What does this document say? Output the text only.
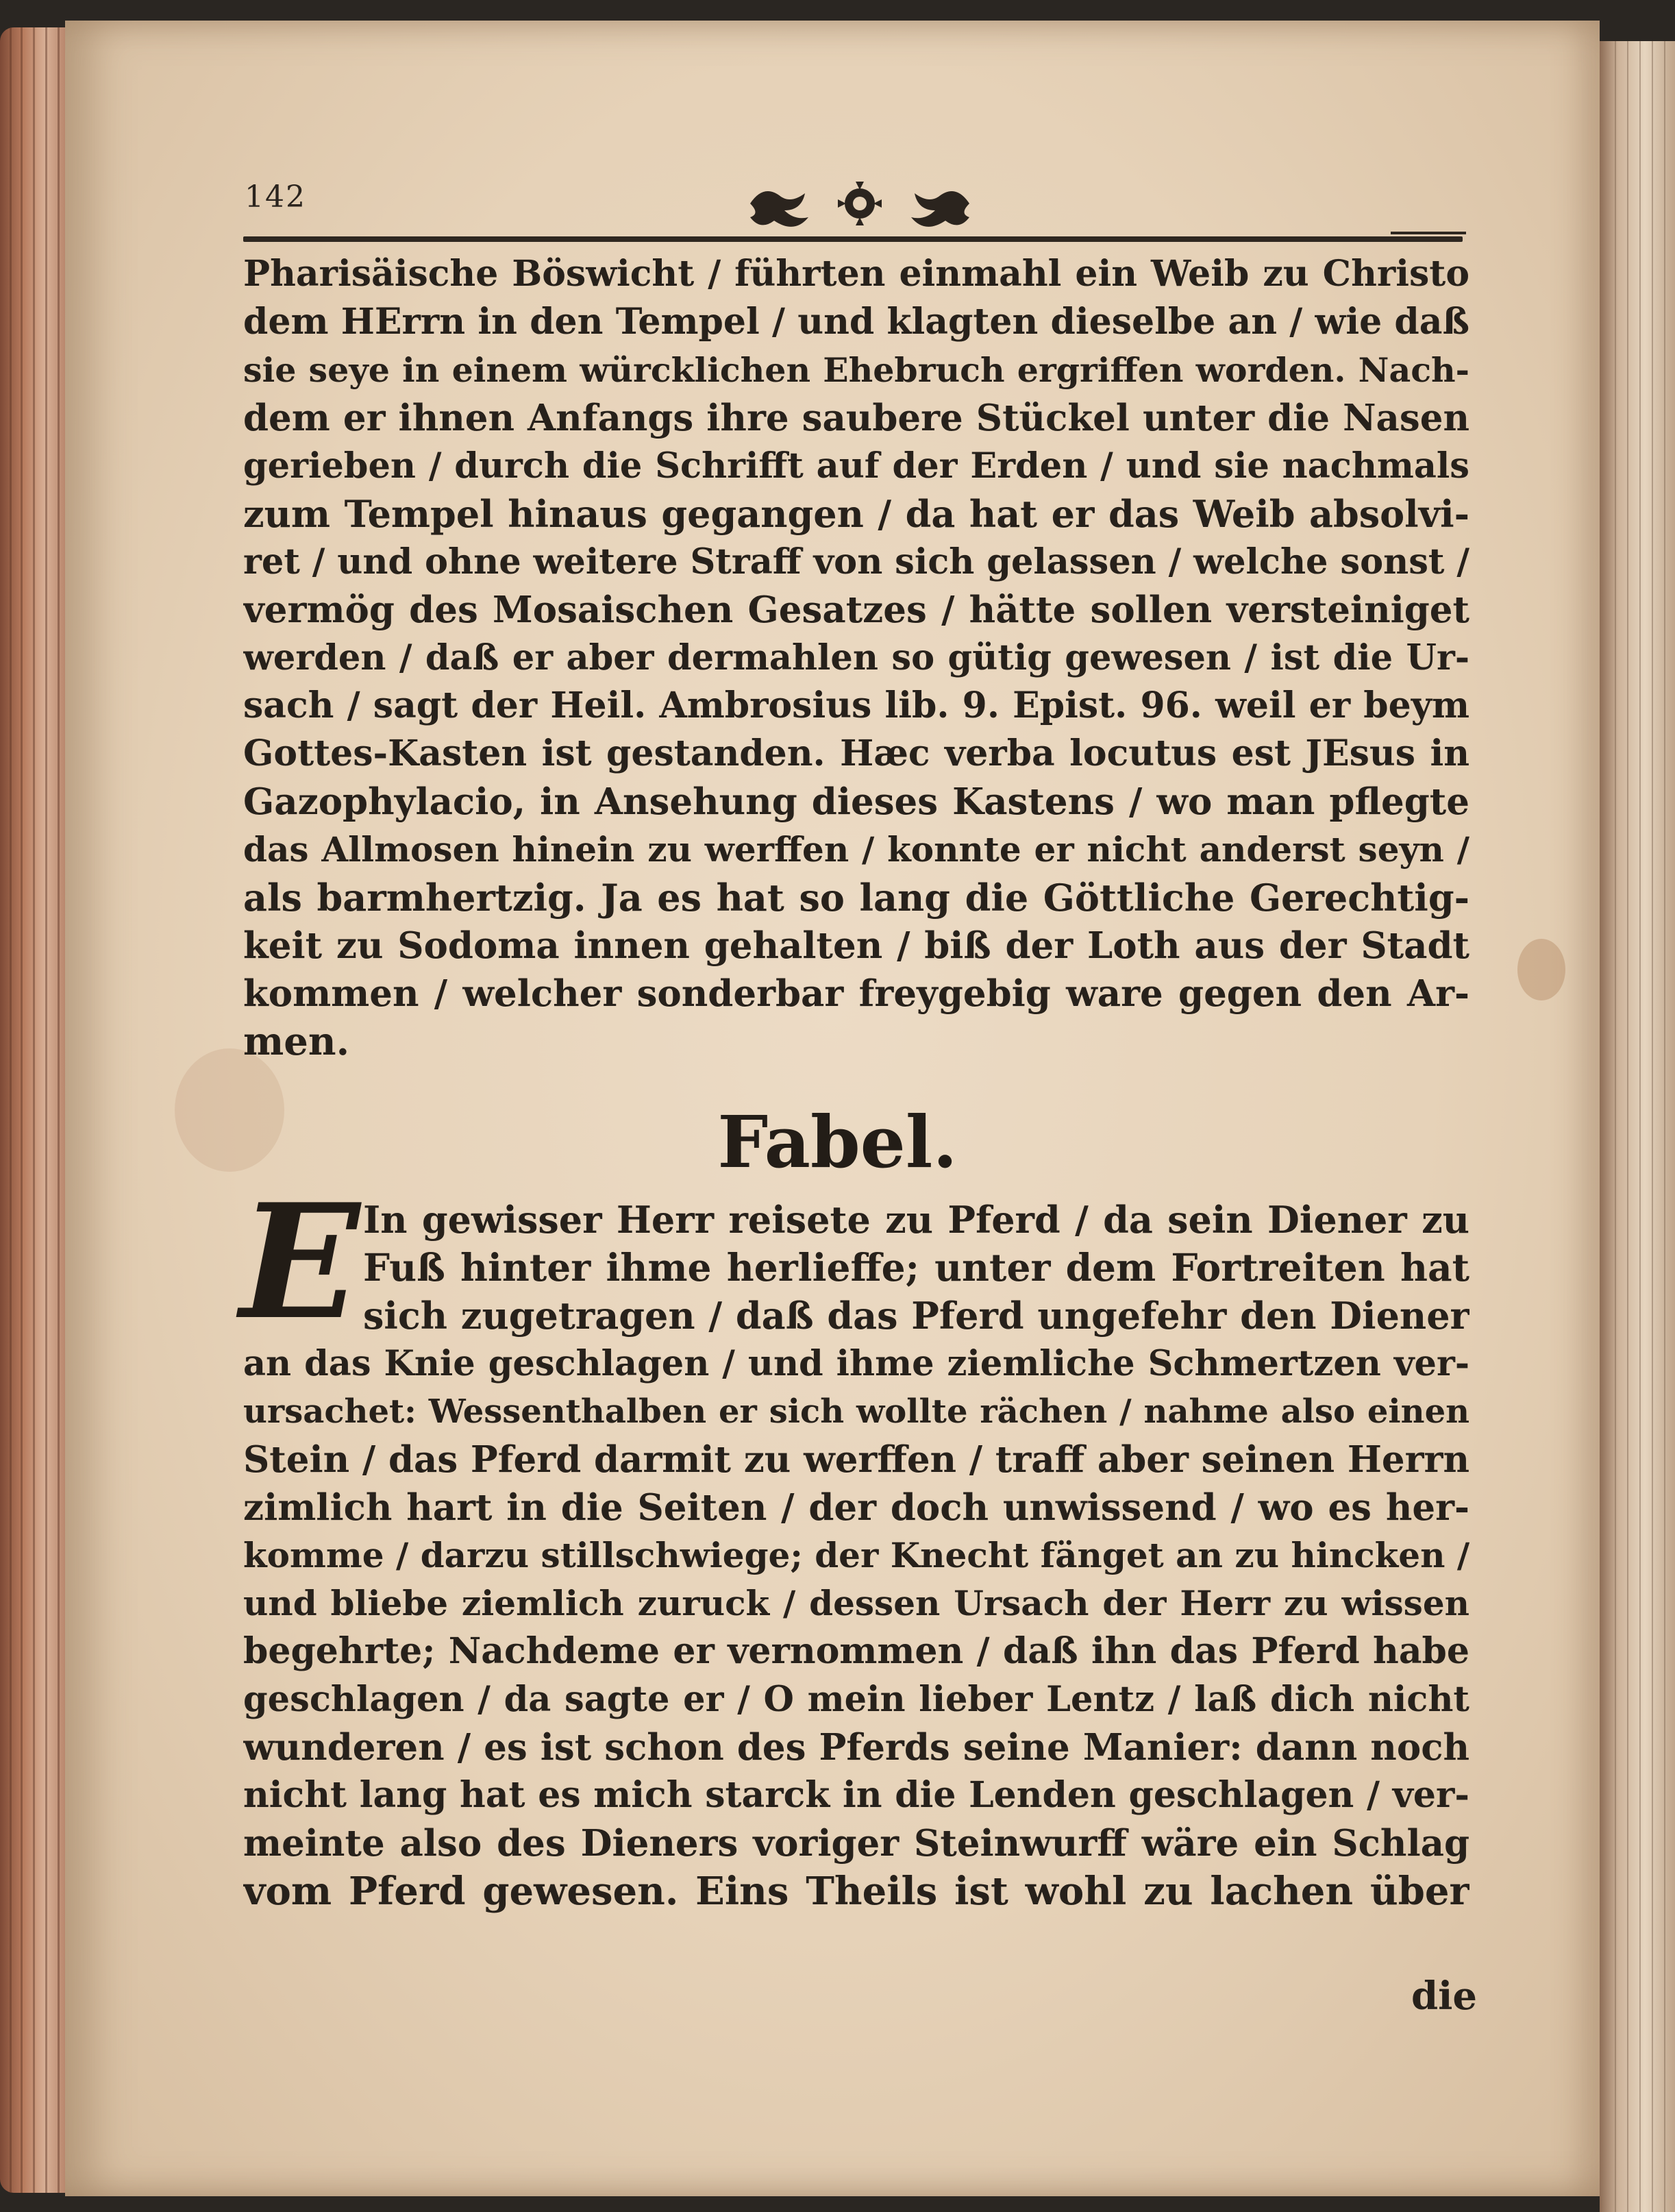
142
Pharisäische Böswicht / führten einmahl ein Weib zu Christo
dem HErrn in den Tempel / und klagten dieselbe an / wie daß
sie seye in einem würcklichen Ehebruch ergriffen worden. Nach-
dem er ihnen Anfangs ihre saubere Stückel unter die Nasen
gerieben / durch die Schrifft auf der Erden / und sie nachmals
zum Tempel hinaus gegangen / da hat er das Weib absolvi-
ret / und ohne weitere Straff von sich gelassen / welche sonst /
vermög des Mosaischen Gesatzes / hätte sollen versteiniget
werden / daß er aber dermahlen so gütig gewesen / ist die Ur-
sach / sagt der Heil. Ambrosius lib. 9. Epist. 96. weil er beym
Gottes-Kasten ist gestanden. Hæc verba locutus est JEsus in
Gazophylacio, in Ansehung dieses Kastens / wo man pflegte
das Allmosen hinein zu werffen / konnte er nicht anderst seyn /
als barmhertzig. Ja es hat so lang die Göttliche Gerechtig-
keit zu Sodoma innen gehalten / biß der Loth aus der Stadt
kommen / welcher sonderbar freygebig ware gegen den Ar-
men.
Fabel.
E In gewisser Herr reisete zu Pferd / da sein Diener zu
Fuß hinter ihme herlieffe; unter dem Fortreiten hat
sich zugetragen / daß das Pferd ungefehr den Diener
an das Knie geschlagen / und ihme ziemliche Schmertzen ver-
ursachet: Wessenthalben er sich wollte rächen / nahme also einen
Stein / das Pferd darmit zu werffen / traff aber seinen Herrn
zimlich hart in die Seiten / der doch unwissend / wo es her-
komme / darzu stillschwiege; der Knecht fänget an zu hincken /
und bliebe ziemlich zuruck / dessen Ursach der Herr zu wissen
begehrte; Nachdeme er vernommen / daß ihn das Pferd habe
geschlagen / da sagte er / O mein lieber Lentz / laß dich nicht
wunderen / es ist schon des Pferds seine Manier: dann noch
nicht lang hat es mich starck in die Lenden geschlagen / ver-
meinte also des Dieners voriger Steinwurff wäre ein Schlag
vom Pferd gewesen. Eins Theils ist wohl zu lachen über
die
